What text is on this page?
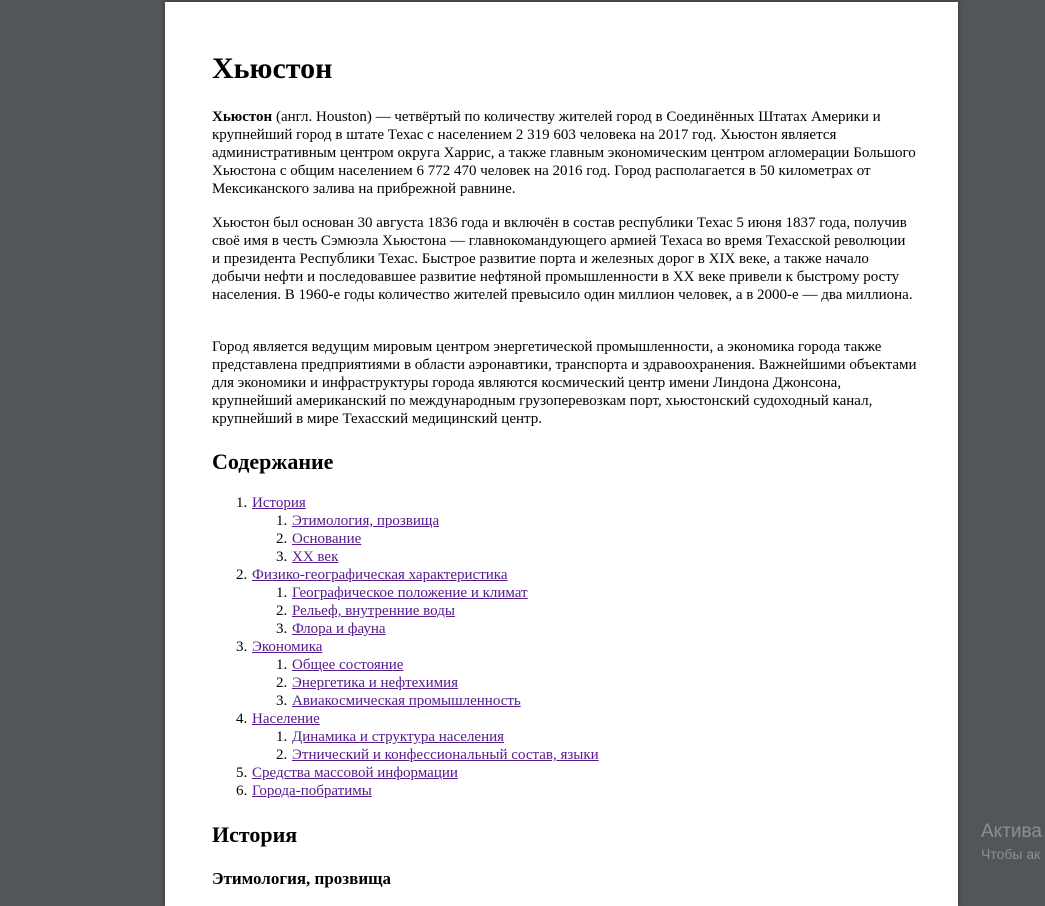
Хьюстон

Хьюстон (англ. Houston) — четвёртый по количеству жителей город в Соединённых Штатах Америки и крупнейший город в штате Техас с населением 2 319 603 человека на 2017 год. Хьюстон является административным центром округа Харрис, а также главным экономическим центром агломерации Большого Хьюстона с общим населением 6 772 470 человек на 2016 год. Город располагается в 50 километрах от Мексиканского залива на прибрежной равнине.

Хьюстон был основан 30 августа 1836 года и включён в состав республики Техас 5 июня 1837 года, получив своё имя в честь Сэмюэла Хьюстона — главнокомандующего армией Техаса во время Техасской революции и президента Республики Техас. Быстрое развитие порта и железных дорог в XIX веке, а также начало добычи нефти и последовавшее развитие нефтяной промышленности в XX веке привели к быстрому росту населения. В 1960-е годы количество жителей превысило один миллион человек, а в 2000-е — два миллиона.

Город является ведущим мировым центром энергетической промышленности, а экономика города также представлена предприятиями в области аэронавтики, транспорта и здравоохранения. Важнейшими объектами для экономики и инфраструктуры города являются космический центр имени Линдона Джонсона, крупнейший американский по международным грузоперевозкам порт, хьюстонский судоходный канал, крупнейший в мире Техасский медицинский центр.

Содержание
1. История
1. Этимология, прозвища
2. Основание
3. XX век
2. Физико-географическая характеристика
1. Географическое положение и климат
2. Рельеф, внутренние воды
3. Флора и фауна
3. Экономика
1. Общее состояние
2. Энергетика и нефтехимия
3. Авиакосмическая промышленность
4. Население
1. Динамика и структура населения
2. Этнический и конфессиональный состав, языки
5. Средства массовой информации
6. Города-побратимы
История
Этимология, прозвища
Актива
Чтобы ак
